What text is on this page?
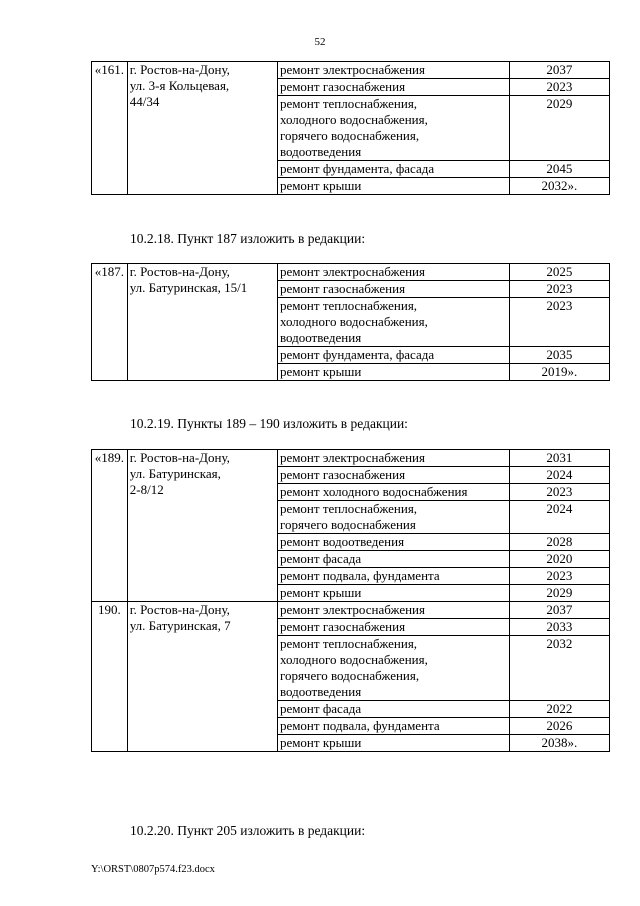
52
«161.	г. Ростов-на-Дону,
ул. 3-я Кольцевая,
44/34	ремонт электроснабжения	2037
		ремонт газоснабжения	2023
		ремонт теплоснабжения,
холодного водоснабжения,
горячего водоснабжения,
водоотведения	2029
		ремонт фундамента, фасада	2045
		ремонт крыши	2032».
10.2.18. Пункт 187 изложить в редакции:
«187.	г. Ростов-на-Дону,
ул. Батуринская, 15/1	ремонт электроснабжения	2025
		ремонт газоснабжения	2023
		ремонт теплоснабжения,
холодного водоснабжения,
водоотведения	2023
		ремонт фундамента, фасада	2035
		ремонт крыши	2019».
10.2.19. Пункты 189 – 190 изложить в редакции:
«189.	г. Ростов-на-Дону,
ул. Батуринская,
2-8/12	ремонт электроснабжения	2031
		ремонт газоснабжения	2024
		ремонт холодного водоснабжения	2023
		ремонт теплоснабжения,
горячего водоснабжения	2024
		ремонт водоотведения	2028
		ремонт фасада	2020
		ремонт подвала, фундамента	2023
		ремонт крыши	2029
190.	г. Ростов-на-Дону,
ул. Батуринская, 7	ремонт электроснабжения	2037
		ремонт газоснабжения	2033
		ремонт теплоснабжения,
холодного водоснабжения,
горячего водоснабжения,
водоотведения	2032
		ремонт фасада	2022
		ремонт подвала, фундамента	2026
		ремонт крыши	2038».
10.2.20. Пункт 205 изложить в редакции:
Y:\ORST\0807p574.f23.docx
